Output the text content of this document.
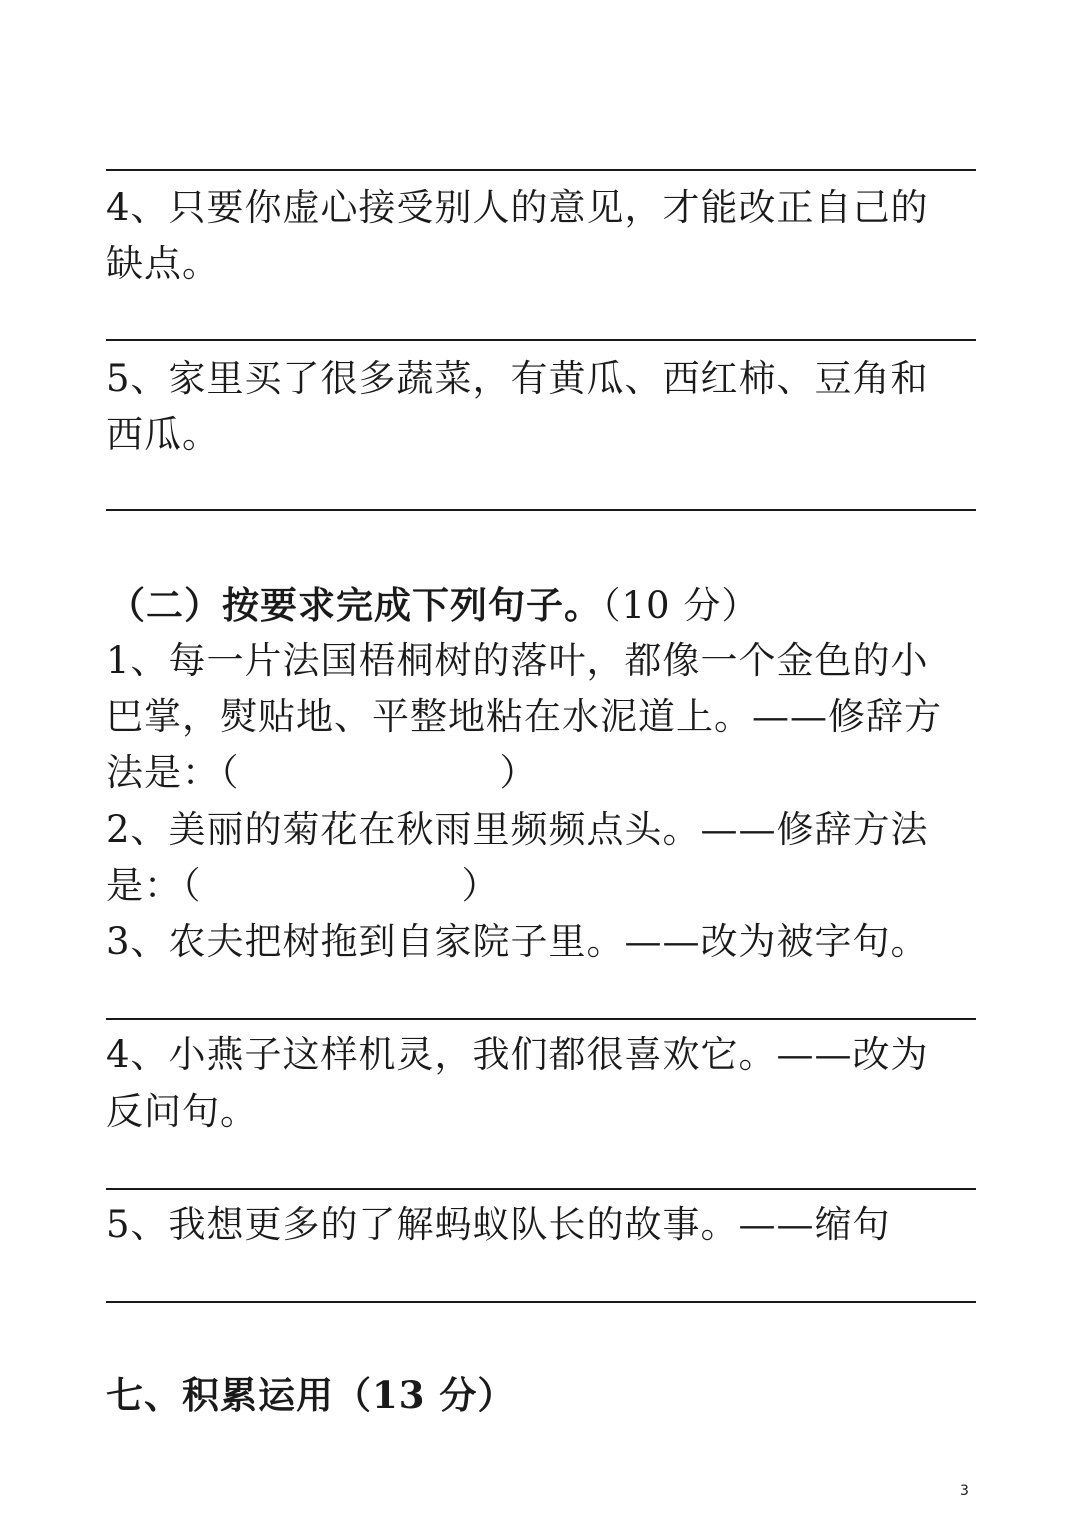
4、只要你虚心接受别人的意见，才能改正自己的
缺点。
5、家里买了很多蔬菜，有黄瓜、西红柿、豆角和
西瓜。
（二）按要求完成下列句子。（10 分）
1、每一片法国梧桐树的落叶，都像一个金色的小
巴掌，熨贴地、平整地粘在水泥道上。——修辞方
法是：（	）
2、美丽的菊花在秋雨里频频点头。——修辞方法
是：（	）
3、农夫把树拖到自家院子里。——改为被字句。
4、小燕子这样机灵，我们都很喜欢它。——改为
反问句。
5、我想更多的了解蚂蚁队长的故事。——缩句
七、积累运用（13 分）
3
